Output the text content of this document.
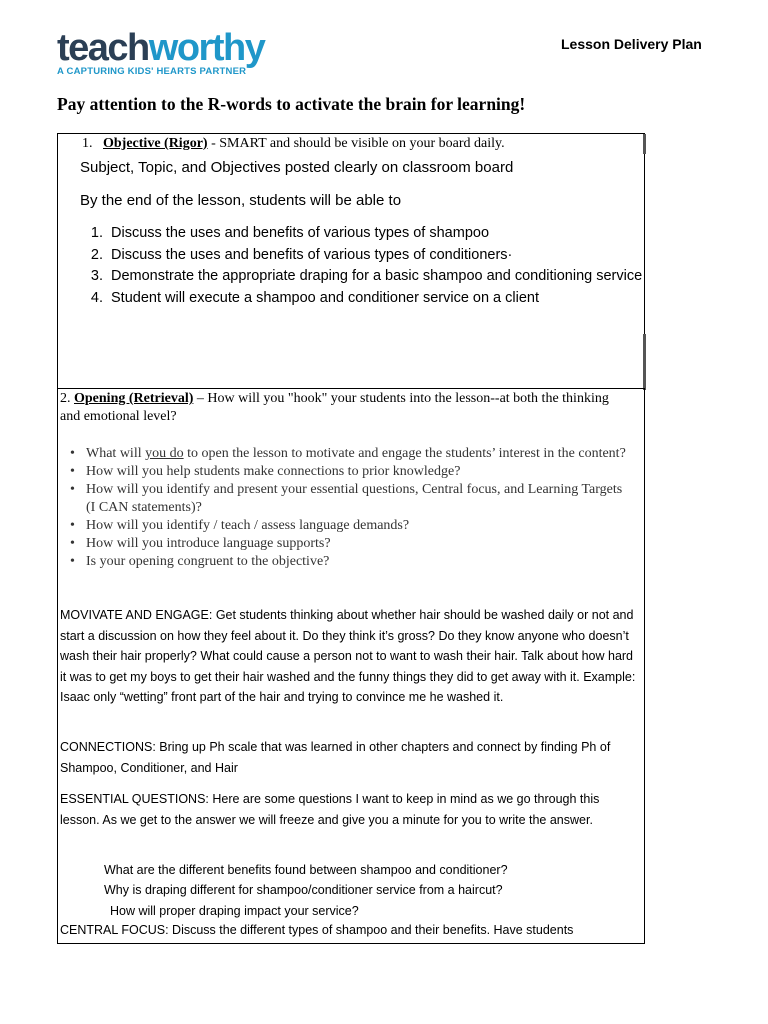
teachworthy
A CAPTURING KIDS' HEARTS PARTNER
Lesson Delivery Plan
Pay attention to the R-words to activate the brain for learning!
1. Objective (Rigor) - SMART and should be visible on your board daily.
Subject, Topic, and Objectives posted clearly on classroom board
By the end of the lesson, students will be able to
1. Discuss the uses and benefits of various types of shampoo
2. Discuss the uses and benefits of various types of conditioners·
3. Demonstrate the appropriate draping for a basic shampoo and conditioning service
4. Student will execute a shampoo and conditioner service on a client
2. Opening (Retrieval) – How will you "hook" your students into the lesson--at both the thinking and emotional level?
• What will you do to open the lesson to motivate and engage the students’ interest in the content?
• How will you help students make connections to prior knowledge?
• How will you identify and present your essential questions, Central focus, and Learning Targets (I CAN statements)?
• How will you identify / teach / assess language demands?
• How will you introduce language supports?
• Is your opening congruent to the objective?
MOVIVATE AND ENGAGE: Get students thinking about whether hair should be washed daily or not and start a discussion on how they feel about it. Do they think it’s gross? Do they know anyone who doesn’t wash their hair properly? What could cause a person not to want to wash their hair. Talk about how hard it was to get my boys to get their hair washed and the funny things they did to get away with it. Example: Isaac only “wetting” front part of the hair and trying to convince me he washed it.
CONNECTIONS: Bring up Ph scale that was learned in other chapters and connect by finding Ph of Shampoo, Conditioner, and Hair
ESSENTIAL QUESTIONS: Here are some questions I want to keep in mind as we go through this lesson. As we get to the answer we will freeze and give you a minute for you to write the answer.
What are the different benefits found between shampoo and conditioner?
Why is draping different for shampoo/conditioner service from a haircut?
How will proper draping impact your service?
CENTRAL FOCUS: Discuss the different types of shampoo and their benefits. Have students
